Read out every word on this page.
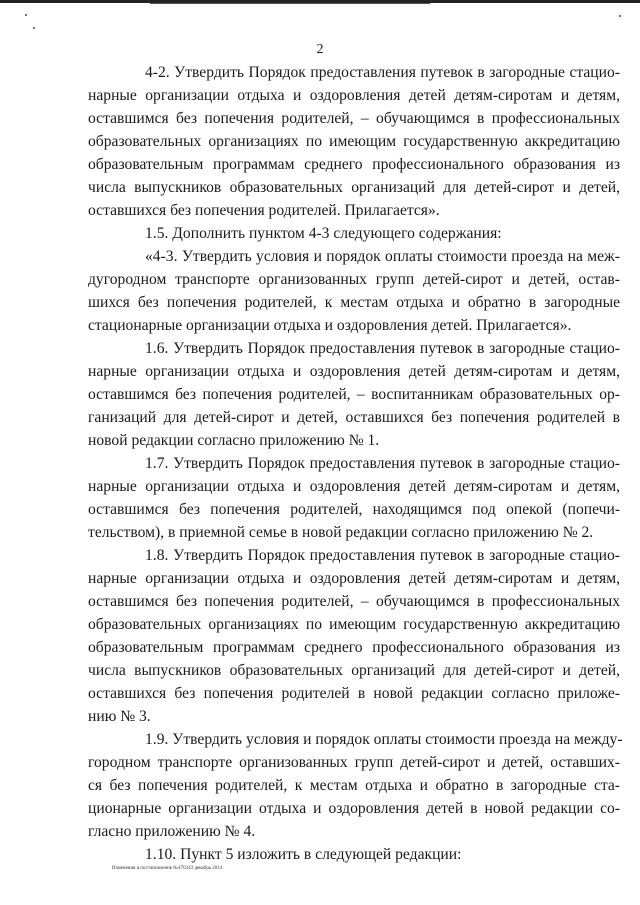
2
4-2. Утвердить Порядок предоставления путевок в загородные стацио-
нарные организации отдыха и оздоровления детей детям-сиротам и детям,
оставшимся без попечения родителей, – обучающимся в профессиональных
образовательных организациях по имеющим государственную аккредитацию
образовательным программам среднего профессионального образования из
числа выпускников образовательных организаций для детей-сирот и детей,
оставшихся без попечения родителей. Прилагается».
1.5. Дополнить пунктом 4-3 следующего содержания:
«4-3. Утвердить условия и порядок оплаты стоимости проезда на меж-
дугородном транспорте организованных групп детей-сирот и детей, остав-
шихся без попечения родителей, к местам отдыха и обратно в загородные
стационарные организации отдыха и оздоровления детей. Прилагается».
1.6. Утвердить Порядок предоставления путевок в загородные стацио-
нарные организации отдыха и оздоровления детей детям-сиротам и детям,
оставшимся без попечения родителей, – воспитанникам образовательных ор-
ганизаций для детей-сирот и детей, оставшихся без попечения родителей в
новой редакции согласно приложению № 1.
1.7. Утвердить Порядок предоставления путевок в загородные стацио-
нарные организации отдыха и оздоровления детей детям-сиротам и детям,
оставшимся без попечения родителей, находящимся под опекой (попечи-
тельством), в приемной семье в новой редакции согласно приложению № 2.
1.8. Утвердить Порядок предоставления путевок в загородные стацио-
нарные организации отдыха и оздоровления детей детям-сиротам и детям,
оставшимся без попечения родителей, – обучающимся в профессиональных
образовательных организациях по имеющим государственную аккредитацию
образовательным программам среднего профессионального образования из
числа выпускников образовательных организаций для детей-сирот и детей,
оставшихся без попечения родителей в новой редакции согласно приложе-
нию № 3.
1.9. Утвердить условия и порядок оплаты стоимости проезда на между-
городном транспорте организованных групп детей-сирот и детей, оставших-
ся без попечения родителей, к местам отдыха и обратно в загородные ста-
ционарные организации отдыха и оздоровления детей в новой редакции со-
гласно приложению № 4.
1.10. Пункт 5 изложить в следующей редакции:
Изменения в постановление №470343 декабрь 2014
